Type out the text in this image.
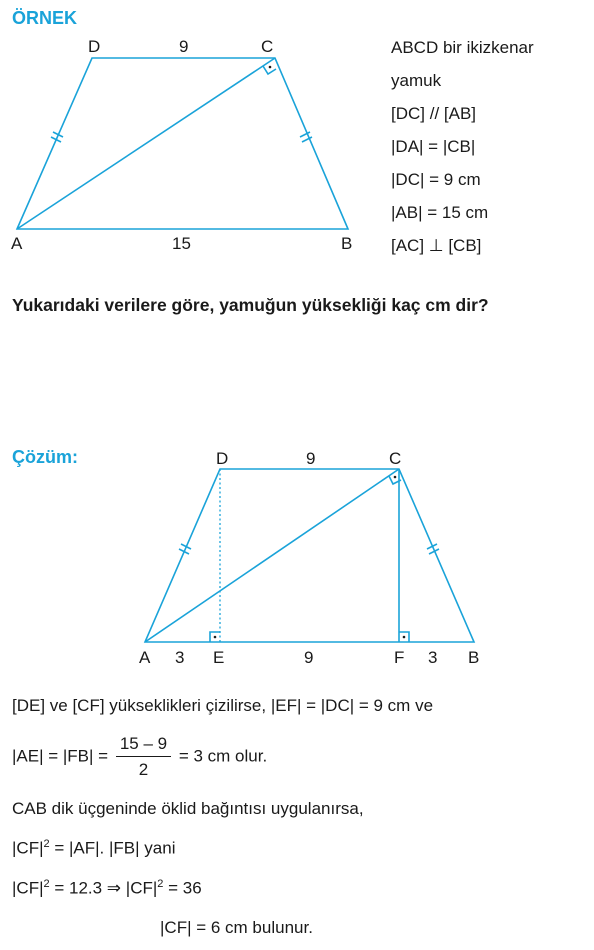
ÖRNEK
D	C
A	B
9
15
ABCD bir ikizkenar
yamuk
[DC] // [AB]
|DA| = |CB|
|DC| = 9 cm
|AB| = 15 cm
[AC] ⊥ [CB]
Yukarıdaki verilere göre, yamuğun yüksekliği kaç cm dir?
Çözüm:	D	C
9
A 3 E	9	F 3 B
[DE] ve [CF] yükseklikleri çizilirse, |EF| = |DC| = 9 cm ve
$|AE| = |FB| = \frac{15 - 9}{2} = 3$ cm olur.
CAB dik üçgeninde öklid bağıntısı uygulanırsa,
$|CF|^2 = |AF|$. |FB| yani
$|CF|^2 = 12.3$ ⇒ $|CF|^2 = 36$
|CF| = 6 cm bulunur.
